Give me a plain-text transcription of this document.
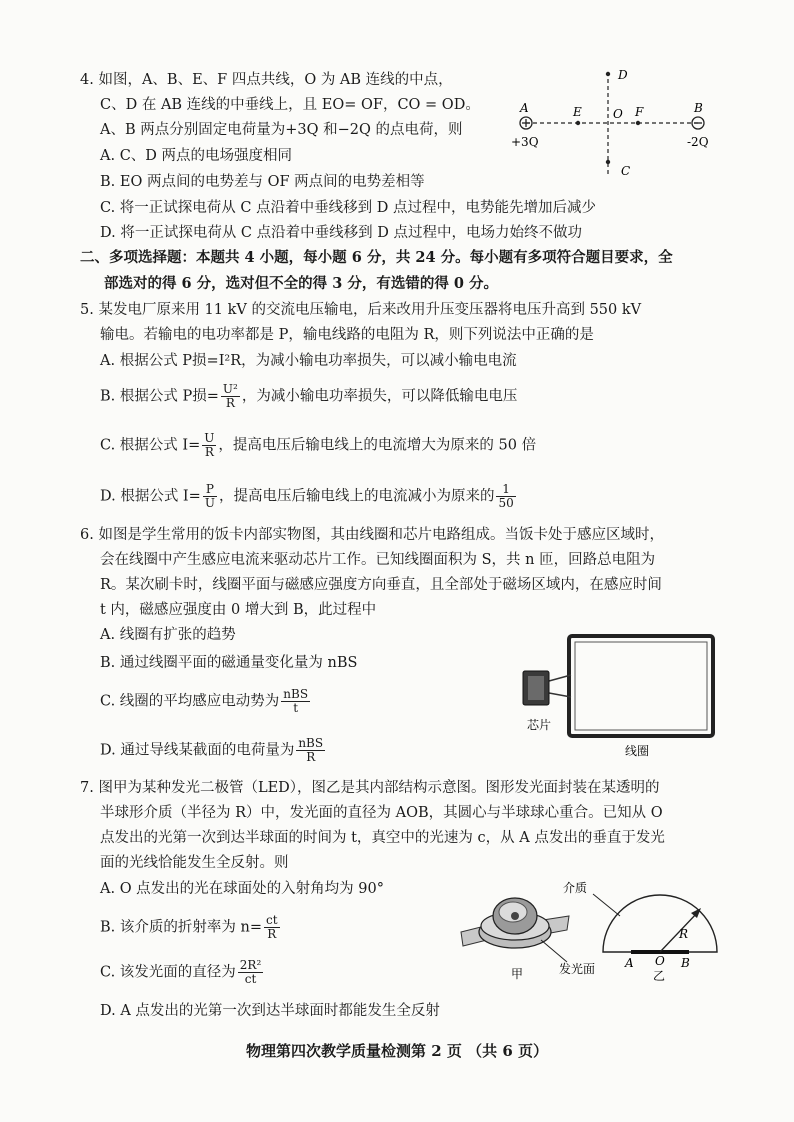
4. 如图，A、B、E、F 四点共线，O 为 AB 连线的中点，
C、D 在 AB 连线的中垂线上，且 EO= OF，CO = OD。
A、B 两点分别固定电荷量为+3Q 和−2Q 的点电荷，则
A. C、D 两点的电场强度相同
B. EO 两点间的电势差与 OF 两点间的电势差相等
C. 将一正试探电荷从 C 点沿着中垂线移到 D 点过程中，电势能先增加后减少
D. 将一正试探电荷从 C 点沿着中垂线移到 D 点过程中，电场力始终不做功
A	E	O F	B
D
C
+3Q	-2Q
二、多项选择题：本题共 4 小题，每小题 6 分，共 24 分。每小题有多项符合题目要求，全
部选对的得 6 分，选对但不全的得 3 分，有选错的得 0 分。
5. 某发电厂原来用 11 kV 的交流电压输电，后来改用升压变压器将电压升高到 550 kV
输电。若输电的电功率都是 P，输电线路的电阻为 R，则下列说法中正确的是
A. 根据公式 P损=I²R，为减小输电功率损失，可以减小输电电流
B. 根据公式 P损= $\frac{\text{U²}}{R}$ ，为减小输电功率损失，可以降低输电电压
C. 根据公式 $I= \frac{U}{R}$ ，提高电压后输电线上的电流增大为原来的 50 倍
D. 根据公式 $I= \frac{P}{U}$ ，提高电压后输电线上的电流减小为原来的 $\frac{1}{50}$
6. 如图是学生常用的饭卡内部实物图，其由线圈和芯片电路组成。当饭卡处于感应区域时，
会在线圈中产生感应电流来驱动芯片工作。已知线圈面积为 S，共 n 匝，回路总电阻为
R。某次刷卡时，线圈平面与磁感应强度方向垂直，且全部处于磁场区域内，在感应时间
t 内，磁感应强度由 0 增大到 B，此过程中
A. 线圈有扩张的趋势
B. 通过线圈平面的磁通量变化量为 nBS
C. 线圈的平均感应电动势为 $\frac{\text{nBS}}{t}$
D. 通过导线某截面的电荷量为 $\frac{\text{nBS}}{R}$
芯片
线圈
7. 图甲为某种发光二极管（LED），图乙是其内部结构示意图。图形发光面封装在某透明的
半球形介质（半径为 R）中，发光面的直径为 AOB，其圆心与半球球心重合。已知从 O
点发出的光第一次到达半球面的时间为 t，真空中的光速为 c，从 A 点发出的垂直于发光
面的光线恰能发生全反射。则
A. O 点发出的光在球面处的入射角均为 90°
B. 该介质的折射率为 $n= \frac{ct}{R}$
C. 该发光面的直径为 $\frac{\text{2R²}}{ct}$
D. A 点发出的光第一次到达半球面时都能发生全反射
甲	发光面
介质
R
A O B
乙
物理第四次教学质量检测第 2 页 （共 6 页）
